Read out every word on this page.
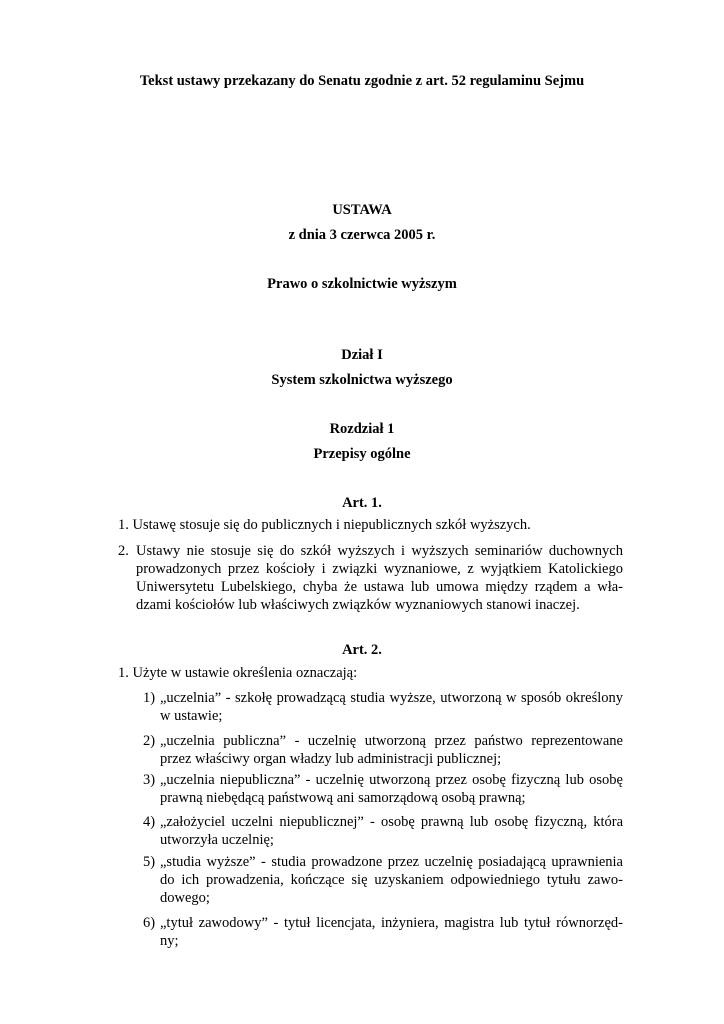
Tekst ustawy przekazany do Senatu zgodnie z art. 52 regulaminu Sejmu
USTAWA
z dnia 3 czerwca 2005 r.
Prawo o szkolnictwie wyższym
Dział I
System szkolnictwa wyższego
Rozdział 1
Przepisy ogólne
Art. 1.
1. Ustawę stosuje się do publicznych i niepublicznych szkół wyższych.
2. Ustawy nie stosuje się do szkół wyższych i wyższych seminariów duchownych
prowadzonych przez kościoły i związki wyznaniowe, z wyjątkiem Katolickiego
Uniwersytetu Lubelskiego, chyba że ustawa lub umowa między rządem a wła-
dzami kościołów lub właściwych związków wyznaniowych stanowi inaczej.
Art. 2.
1. Użyte w ustawie określenia oznaczają:
1) „uczelnia” - szkołę prowadzącą studia wyższe, utworzoną w sposób określony
w ustawie;
2) „uczelnia publiczna” - uczelnię utworzoną przez państwo reprezentowane
przez właściwy organ władzy lub administracji publicznej;
3) „uczelnia niepubliczna” - uczelnię utworzoną przez osobę fizyczną lub osobę
prawną niebędącą państwową ani samorządową osobą prawną;
4) „założyciel uczelni niepublicznej” - osobę prawną lub osobę fizyczną, która
utworzyła uczelnię;
5) „studia wyższe” - studia prowadzone przez uczelnię posiadającą uprawnienia
do ich prowadzenia, kończące się uzyskaniem odpowiedniego tytułu zawo-
dowego;
6) „tytuł zawodowy” - tytuł licencjata, inżyniera, magistra lub tytuł równorzęd-
ny;
